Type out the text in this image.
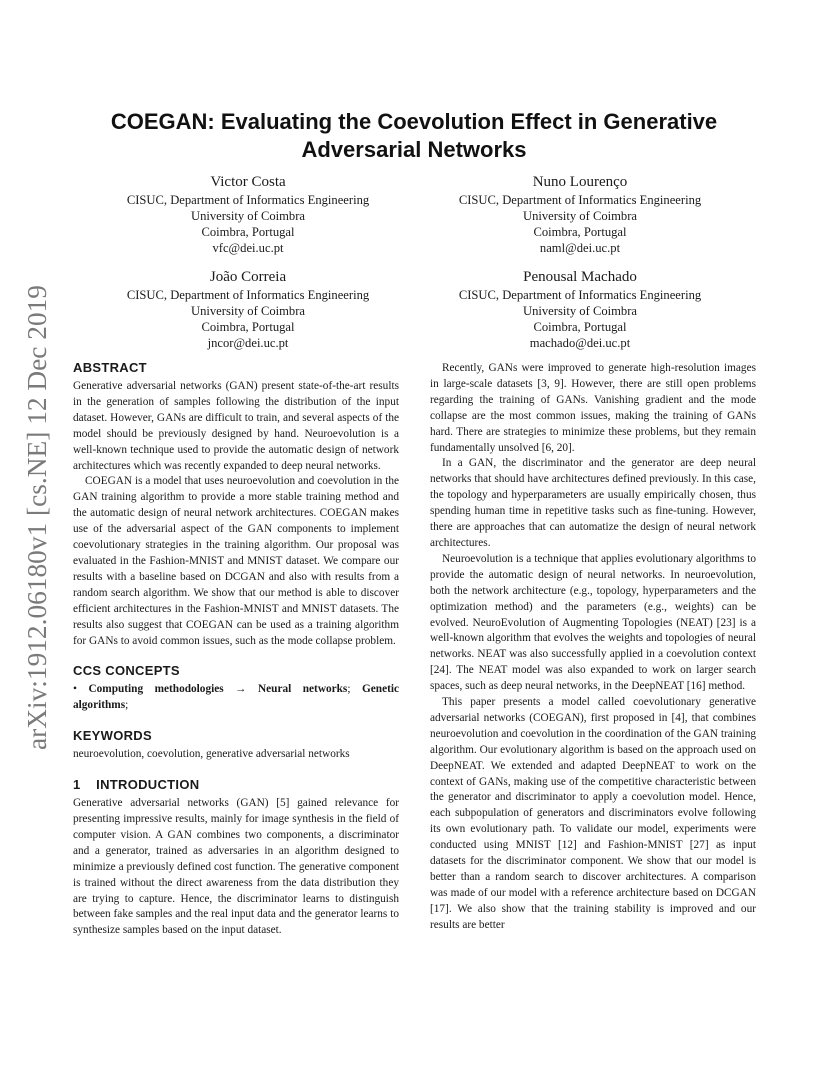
arXiv:1912.06180v1 [cs.NE] 12 Dec 2019
COEGAN: Evaluating the Coevolution Effect in Generative
Adversarial Networks
Victor Costa
CISUC, Department of Informatics Engineering
University of Coimbra
Coimbra, Portugal
vfc@dei.uc.pt
Nuno Lourenço
CISUC, Department of Informatics Engineering
University of Coimbra
Coimbra, Portugal
naml@dei.uc.pt
João Correia
CISUC, Department of Informatics Engineering
University of Coimbra
Coimbra, Portugal
jncor@dei.uc.pt
Penousal Machado
CISUC, Department of Informatics Engineering
University of Coimbra
Coimbra, Portugal
machado@dei.uc.pt
ABSTRACT

Generative adversarial networks (GAN) present state-of-the-art results in the generation of samples following the distribution of the input dataset. However, GANs are difficult to train, and several aspects of the model should be previously designed by hand. Neuroevolution is a well-known technique used to provide the automatic design of network architectures which was recently expanded to deep neural networks.

COEGAN is a model that uses neuroevolution and coevolution in the GAN training algorithm to provide a more stable training method and the automatic design of neural network architectures. COEGAN makes use of the adversarial aspect of the GAN components to implement coevolutionary strategies in the training algorithm. Our proposal was evaluated in the Fashion-MNIST and MNIST dataset. We compare our results with a baseline based on DCGAN and also with results from a random search algorithm. We show that our method is able to discover efficient architectures in the Fashion-MNIST and MNIST datasets. The results also suggest that COEGAN can be used as a training algorithm for GANs to avoid common issues, such as the mode collapse problem.

CCS CONCEPTS

• Computing methodologies → Neural networks; Genetic algorithms;

KEYWORDS

neuroevolution, coevolution, generative adversarial networks

1    INTRODUCTION

Generative adversarial networks (GAN) [5] gained relevance for presenting impressive results, mainly for image synthesis in the field of computer vision. A GAN combines two components, a discriminator and a generator, trained as adversaries in an algorithm designed to minimize a previously defined cost function. The generative component is trained without the direct awareness from the data distribution they are trying to capture. Hence, the discriminator learns to distinguish between fake samples and the real input data and the generator learns to synthesize samples based on the input dataset.

Recently, GANs were improved to generate high-resolution images in large-scale datasets [3, 9]. However, there are still open problems regarding the training of GANs. Vanishing gradient and the mode collapse are the most common issues, making the training of GANs hard. There are strategies to minimize these problems, but they remain fundamentally unsolved [6, 20].

In a GAN, the discriminator and the generator are deep neural networks that should have architectures defined previously. In this case, the topology and hyperparameters are usually empirically chosen, thus spending human time in repetitive tasks such as fine-tuning. However, there are approaches that can automatize the design of neural network architectures.

Neuroevolution is a technique that applies evolutionary algorithms to provide the automatic design of neural networks. In neuroevolution, both the network architecture (e.g., topology, hyperparameters and the optimization method) and the parameters (e.g., weights) can be evolved. NeuroEvolution of Augmenting Topologies (NEAT) [23] is a well-known algorithm that evolves the weights and topologies of neural networks. NEAT was also successfully applied in a coevolution context [24]. The NEAT model was also expanded to work on larger search spaces, such as deep neural networks, in the DeepNEAT [16] method.

This paper presents a model called coevolutionary generative adversarial networks (COEGAN), first proposed in [4], that combines neuroevolution and coevolution in the coordination of the GAN training algorithm. Our evolutionary algorithm is based on the approach used on DeepNEAT. We extended and adapted DeepNEAT to work on the context of GANs, making use of the competitive characteristic between the generator and discriminator to apply a coevolution model. Hence, each subpopulation of generators and discriminators evolve following its own evolutionary path. To validate our model, experiments were conducted using MNIST [12] and Fashion-MNIST [27] as input datasets for the discriminator component. We show that our model is better than a random search to discover architectures. A comparison was made of our model with a reference architecture based on DCGAN [17]. We also show that the training stability is improved and our results are better
